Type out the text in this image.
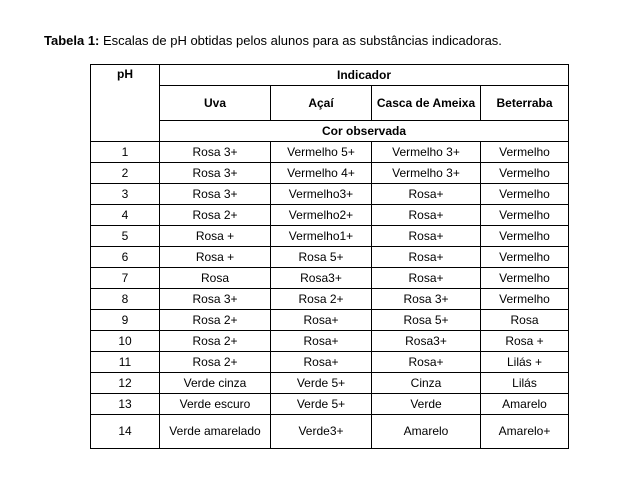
Tabela 1: Escalas de pH obtidas pelos alunos para as substâncias indicadoras.
pH	Indicador			
	Uva	Açaí	Casca de Ameixa	Beterraba
	Cor observada			
1	Rosa 3+	Vermelho 5+	Vermelho 3+	Vermelho
2	Rosa 3+	Vermelho 4+	Vermelho 3+	Vermelho
3	Rosa 3+	Vermelho3+	Rosa+	Vermelho
4	Rosa 2+	Vermelho2+	Rosa+	Vermelho
5	Rosa +	Vermelho1+	Rosa+	Vermelho
6	Rosa +	Rosa 5+	Rosa+	Vermelho
7	Rosa	Rosa3+	Rosa+	Vermelho
8	Rosa 3+	Rosa 2+	Rosa 3+	Vermelho
9	Rosa 2+	Rosa+	Rosa 5+	Rosa
10	Rosa 2+	Rosa+	Rosa3+	Rosa +
11	Rosa 2+	Rosa+	Rosa+	Lilás +
12	Verde cinza	Verde 5+	Cinza	Lilás
13	Verde escuro	Verde 5+	Verde	Amarelo
14	Verde amarelado	Verde3+	Amarelo	Amarelo+
